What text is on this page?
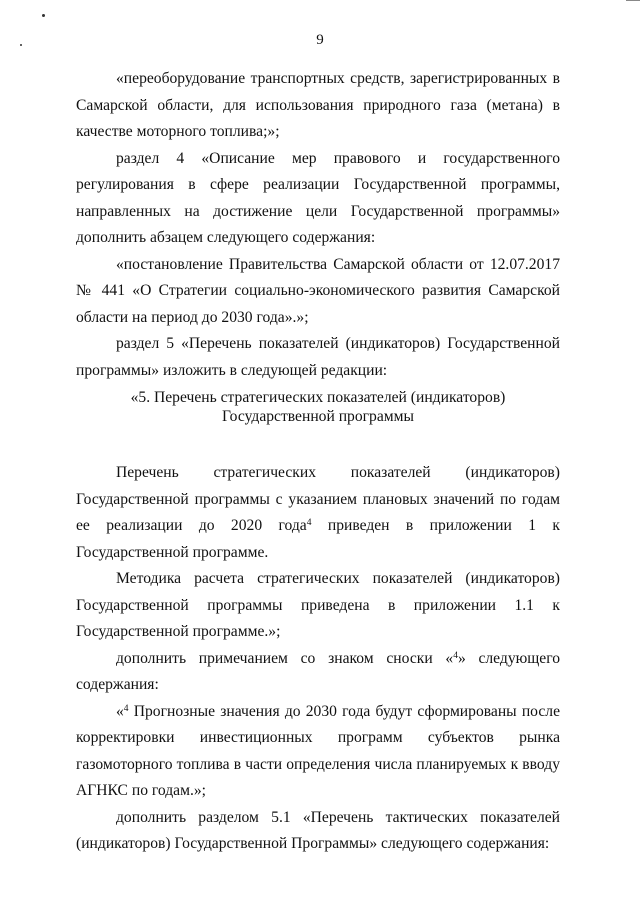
9

«переоборудование транспортных средств, зарегистрированных в Самарской области, для использования природного газа (метана) в качестве моторного топлива;»;

раздел 4 «Описание мер правового и государственного регулирования в сфере реализации Государственной программы, направленных на достижение цели Государственной программы» дополнить абзацем следующего содержания:

«постановление Правительства Самарской области от 12.07.2017 № 441 «О Стратегии социально-экономического развития Самарской области на период до 2030 года».»;

раздел 5 «Перечень показателей (индикаторов) Государственной программы» изложить в следующей редакции:

«5. Перечень стратегических показателей (индикаторов)
Государственной программы

Перечень стратегических показателей (индикаторов) Государственной программы с указанием плановых значений по годам ее реализации до 2020 года$^4$ приведен в приложении 1 к Государственной программе.

Методика расчета стратегических показателей (индикаторов) Государственной программы приведена в приложении 1.1 к Государственной программе.»;

дополнить примечанием со знаком сноски «$^4$» следующего содержания:

«$^4$ Прогнозные значения до 2030 года будут сформированы после корректировки инвестиционных программ субъектов рынка газомоторного топлива в части определения числа планируемых к вводу АГНКС по годам.»;

дополнить разделом 5.1 «Перечень тактических показателей (индикаторов) Государственной Программы» следующего содержания:
